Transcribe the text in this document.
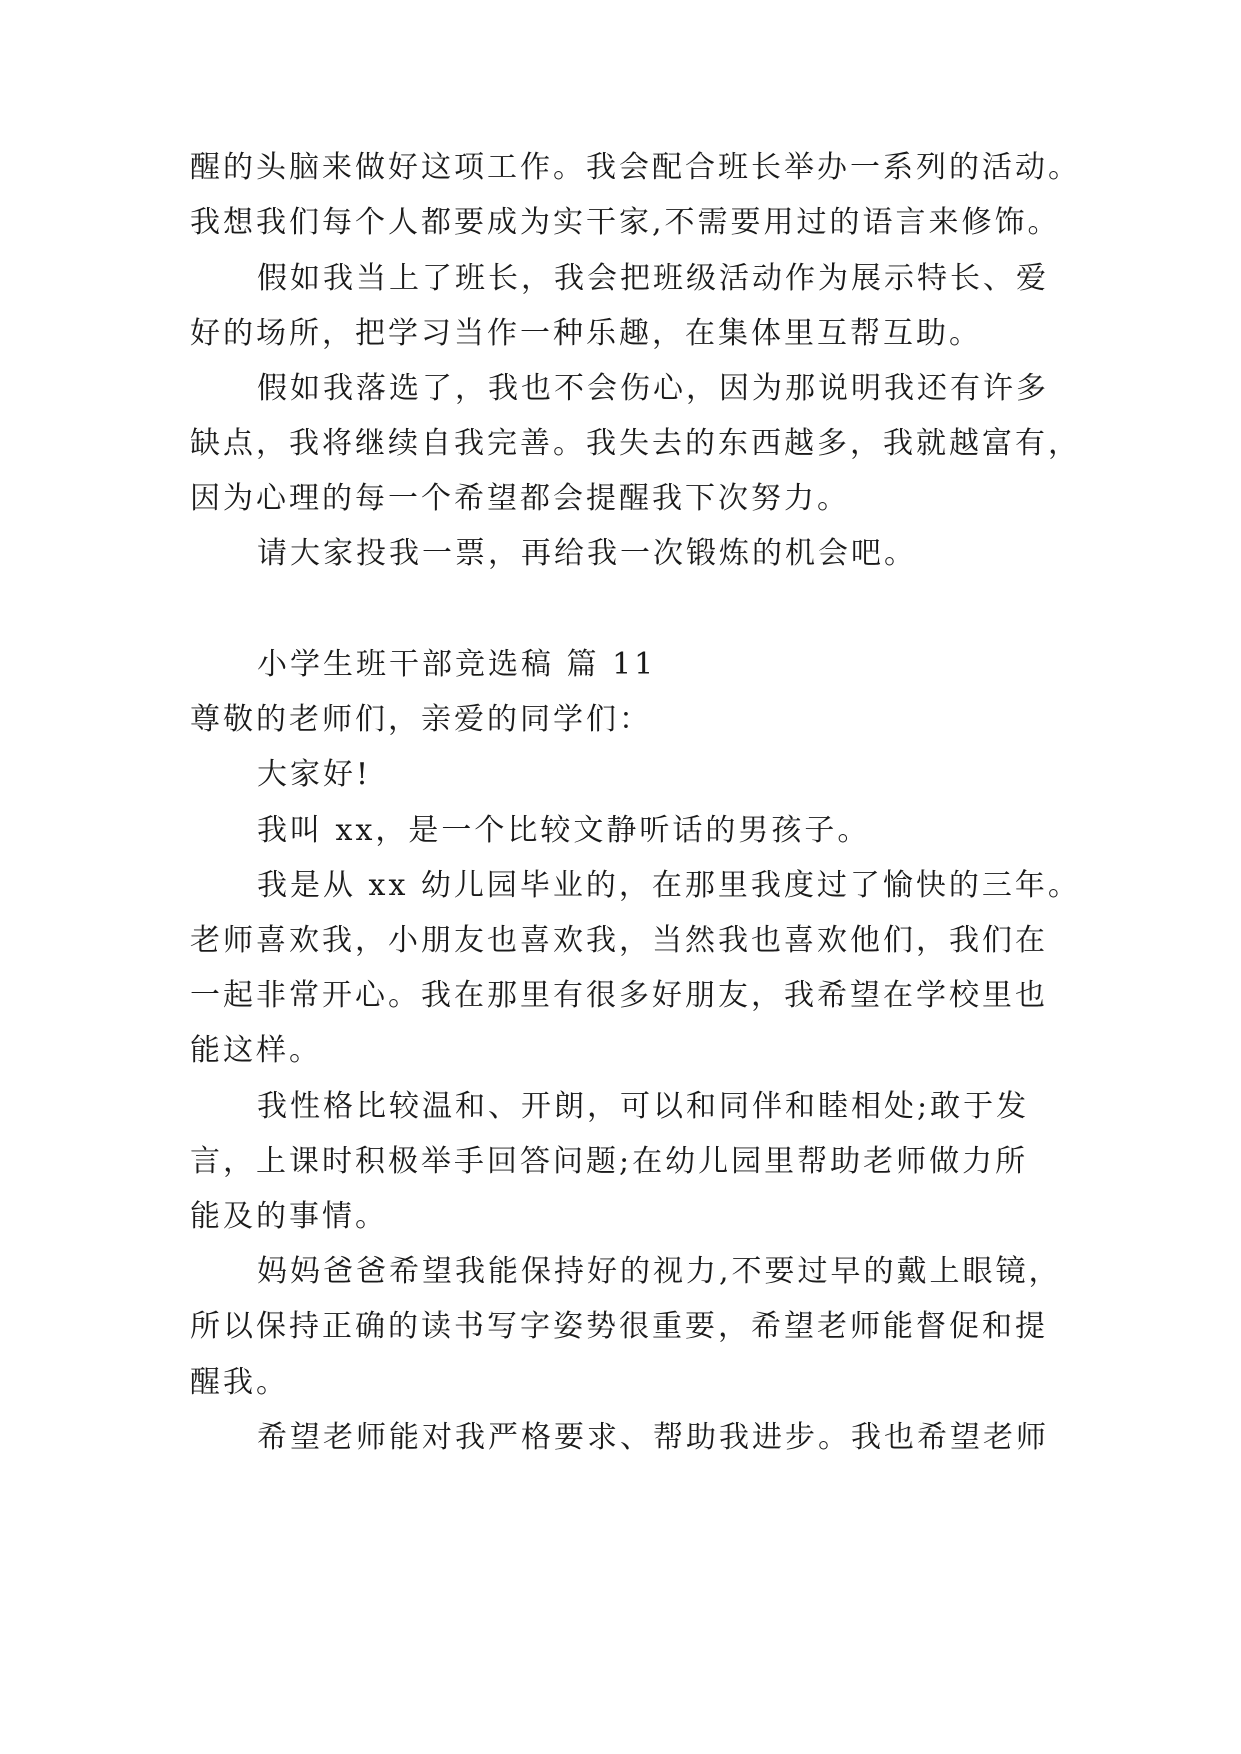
醒的头脑来做好这项工作。我会配合班长举办一系列的活动。
我想我们每个人都要成为实干家,不需要用过的语言来修饰。
假如我当上了班长，我会把班级活动作为展示特长、爱
好的场所，把学习当作一种乐趣，在集体里互帮互助。
假如我落选了，我也不会伤心，因为那说明我还有许多
缺点，我将继续自我完善。我失去的东西越多，我就越富有，
因为心理的每一个希望都会提醒我下次努力。
请大家投我一票，再给我一次锻炼的机会吧。
小学生班干部竞选稿 篇 11
尊敬的老师们，亲爱的同学们：
大家好!
我叫 xx，是一个比较文静听话的男孩子。
我是从 xx 幼儿园毕业的，在那里我度过了愉快的三年。
老师喜欢我，小朋友也喜欢我，当然我也喜欢他们，我们在
一起非常开心。我在那里有很多好朋友，我希望在学校里也
能这样。
我性格比较温和、开朗，可以和同伴和睦相处;敢于发
言，上课时积极举手回答问题;在幼儿园里帮助老师做力所
能及的事情。
妈妈爸爸希望我能保持好的视力,不要过早的戴上眼镜，
所以保持正确的读书写字姿势很重要，希望老师能督促和提
醒我。
希望老师能对我严格要求、帮助我进步。我也希望老师
